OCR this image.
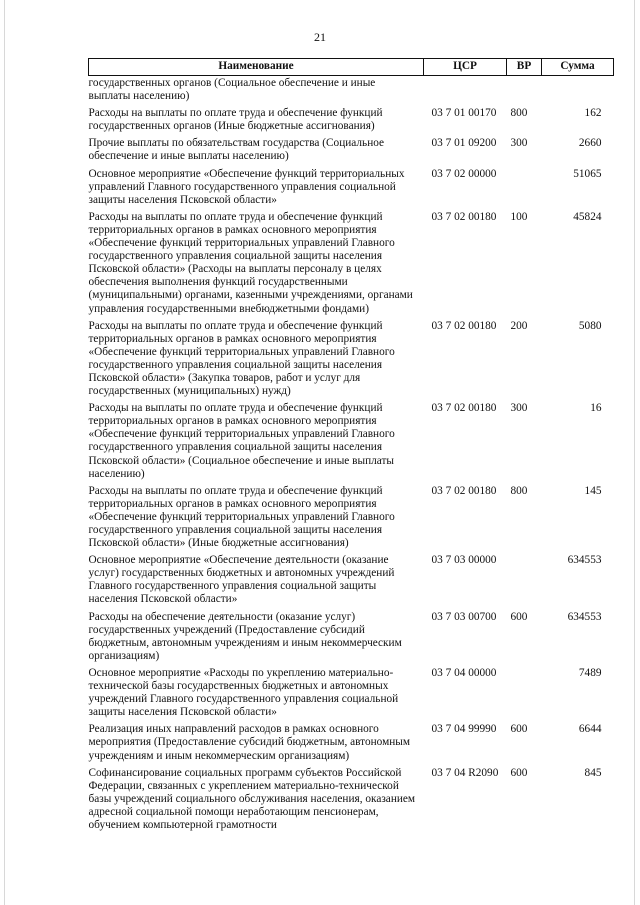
21
Наименование	ЦСР	ВР	Сумма
государственных органов (Социальное обеспечение и иные выплаты населению)			
Расходы на выплаты по оплате труда и обеспечение функций государственных органов (Иные бюджетные ассигнования)	03 7 01 00170	800	162
Прочие выплаты по обязательствам государства (Социальное обеспечение и иные выплаты населению)	03 7 01 09200	300	2660
Основное мероприятие «Обеспечение функций территориальных управлений Главного государственного управления социальной защиты населения Псковской области»	03 7 02 00000		51065
Расходы на выплаты по оплате труда и обеспечение функций территориальных органов в рамках основного мероприятия «Обеспечение функций территориальных управлений Главного государственного управления социальной защиты населения Псковской области» (Расходы на выплаты персоналу в целях обеспечения выполнения функций государственными (муниципальными) органами, казенными учреждениями, органами управления государственными внебюджетными фондами)	03 7 02 00180	100	45824
Расходы на выплаты по оплате труда и обеспечение функций территориальных органов в рамках основного мероприятия «Обеспечение функций территориальных управлений Главного государственного управления социальной защиты населения Псковской области» (Закупка товаров, работ и услуг для государственных (муниципальных) нужд)	03 7 02 00180	200	5080
Расходы на выплаты по оплате труда и обеспечение функций территориальных органов в рамках основного мероприятия «Обеспечение функций территориальных управлений Главного государственного управления социальной защиты населения Псковской области» (Социальное обеспечение и иные выплаты населению)	03 7 02 00180	300	16
Расходы на выплаты по оплате труда и обеспечение функций территориальных органов в рамках основного мероприятия «Обеспечение функций территориальных управлений Главного государственного управления социальной защиты населения Псковской области» (Иные бюджетные ассигнования)	03 7 02 00180	800	145
Основное мероприятие «Обеспечение деятельности (оказание услуг) государственных бюджетных и автономных учреждений Главного государственного управления социальной защиты населения Псковской области»	03 7 03 00000		634553
Расходы на обеспечение деятельности (оказание услуг) государственных учреждений (Предоставление субсидий бюджетным, автономным учреждениям и иным некоммерческим организациям)	03 7 03 00700	600	634553
Основное мероприятие «Расходы по укреплению материально-технической базы государственных бюджетных и автономных учреждений Главного государственного управления социальной защиты населения Псковской области»	03 7 04 00000		7489
Реализация иных направлений расходов в рамках основного мероприятия (Предоставление субсидий бюджетным, автономным учреждениям и иным некоммерческим организациям)	03 7 04 99990	600	6644
Софинансирование социальных программ субъектов Российской Федерации, связанных с укреплением материально-технической базы учреждений социального обслуживания населения, оказанием адресной социальной помощи неработающим пенсионерам, обучением компьютерной грамотности	03 7 04 R2090	600	845
